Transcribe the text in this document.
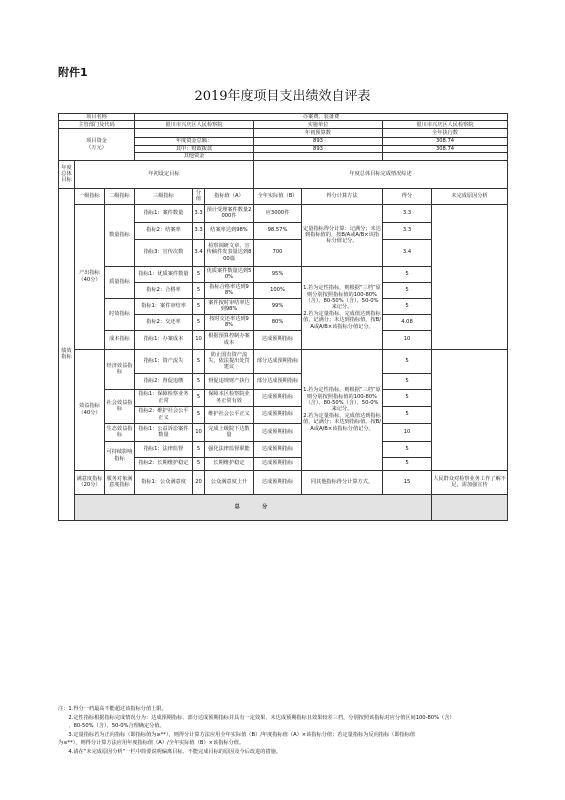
附件1
2019年度项目支出绩效自评表
项目名称			办案费、装备费							
主管部门及代码			银川市兴庆区人民检察院			实施单位		银川市兴庆区人民检察院		
项目资金
（万元）						年初预算数		全年执行数		
			年度资金总额：			893		308.74		
			其中：财政拨款			893		308.74		
			其他资金							
年度总体目标	年初设定目标					年度总体目标完成情况综述				
绩效指标	一级指标	二级指标	三级指标	分值	指标值（A）	全年实际值（B）	得分计算方法	得分	未完成原因分析	
	产出指标（40分）	数量指标	指标1：案件数量	3.3	预计受理案件数量2000件	应3000件	定量指标得分计算：记满分；未达到指标值的，按B/A或A/B×该指标分值记分。	3.3		
			指标2：结案率	3.3	结案率达到98%	98.57%		3.3		
			指标3：宣传次数	3.4	检察调研文章、宣传稿件发表量达到800篇	700		3.4		
		质量指标	指标1：优质案件数量	5	优质案件数量达到50%	95%	1.若为定性指标，则根据“三档”原则分别按照指标值的100-80%（含）、80-50%（含）、50-0%来记分。
2.若为定量指标，完成值达到指标值，记满分；未达到指标值，按B/A或A/B×该指标分值记分。	5		
			指标2：合格率	5	指标合格率达到98%	100%		5		
		时效指标	指标1：案件审结率	5	案件按时审结率达到98%	99%		5		
			指标2：交还率	5	按时交还率达到98%	80%		4.08		
		成本指标	指标1：办案成本	10	根据预算控制办案成本	达成预期指标		10		
	效益指标（40分）	经济效益指标	指标1：资产流失	5	防止国有资产流失，依法提出处罚建议	部分达成预期指标	1.若为定性指标，则根据“三档”原则分别按照指标值的100-80%（含）、80-50%（含）、50-0%来记分。
2.若为定量指标，完成值达到指标值，记满分；未达到指标值，按B/A或A/B×该指标分值记分。	5		
			指标2：督促追缴	5	督促违规财产执行	部分达成预期指标		5		
		社会效益指标	指标1：保障检察业务正常	5	保障本区检察院业务正常有效	达成预期指标		5		
			指标2：维护社会公平正义	5	维护社会公平正义	达成预期指标		5		
		生态效益指标	指标1：公益诉讼案件数量	10	完成上级院下达数量	达成预期指标		10		
		可持续影响指标	指标1：法律监督	5	强化法律监督职能	达成预期指标		5		
			指标2：长期维护稳定	5	长期维护稳定	达成预期指标		5		
	满意度指标（20分）	服务对象满意度指标	指标1：公众满意度	20	公众满意度上升	达成预期指标	同其他指标得分计算方式。	15	人民群众对检察业务工作了解不足，需加强宣传	
	总　　分		
注：1.得分一档最高不能超过该指标分值上限。
　　2.定性指标根据指标完成情况分为：达成预期指标、部分达成预期指标并具有一定效果、未达成预期指标且效果较差三档，分别按照该指标对应分值区间100-80%（含）
　　、80-50%（含）、50-0%合理确定分值。
　　3.定量指标若为正向指标（即指标值为≥**），则得分计算方法应用全年实际值（B）/年度指标值（A）×该指标分值；若定量指标为反向指标（即指标值
为≤**），则得分计算方法应用年度指标值（A）/全年实际值（B）×该指标分值。
　　4.请在“未完成原因分析”一栏中简要说明偏离目标、不能完成目标的原因及今后改进的措施。
